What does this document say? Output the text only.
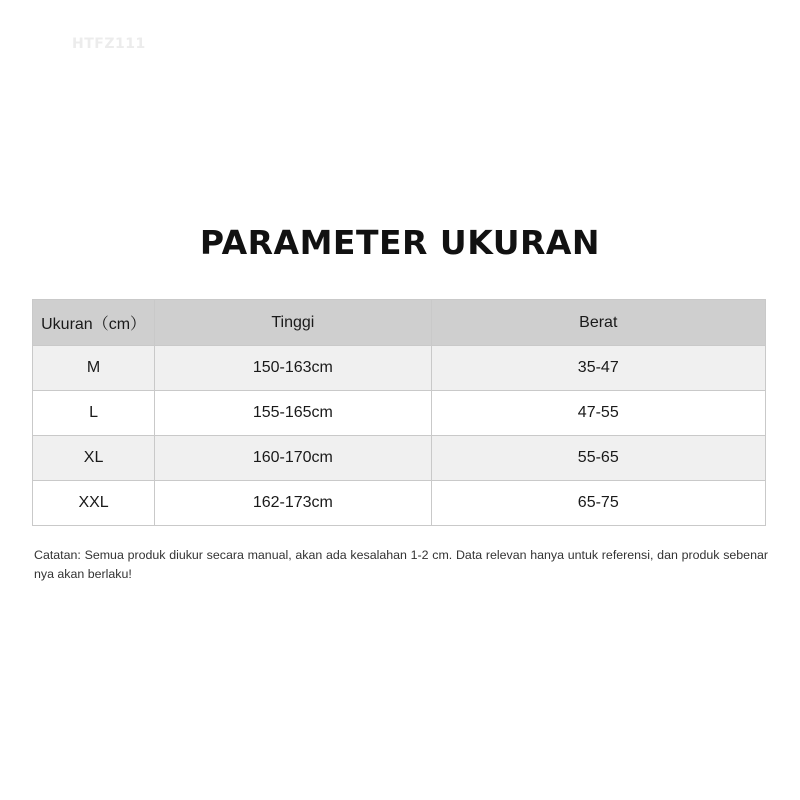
HTFZ111
PARAMETER UKURAN
Ukuran（cm）	Tinggi	Berat
M	150-163cm	35-47
L	155-165cm	47-55
XL	160-170cm	55-65
XXL	162-173cm	65-75
Catatan: Semua produk diukur secara manual, akan ada kesalahan 1-2 cm. Data relevan hanya untuk referensi, dan produk sebenarnya akan berlaku!
